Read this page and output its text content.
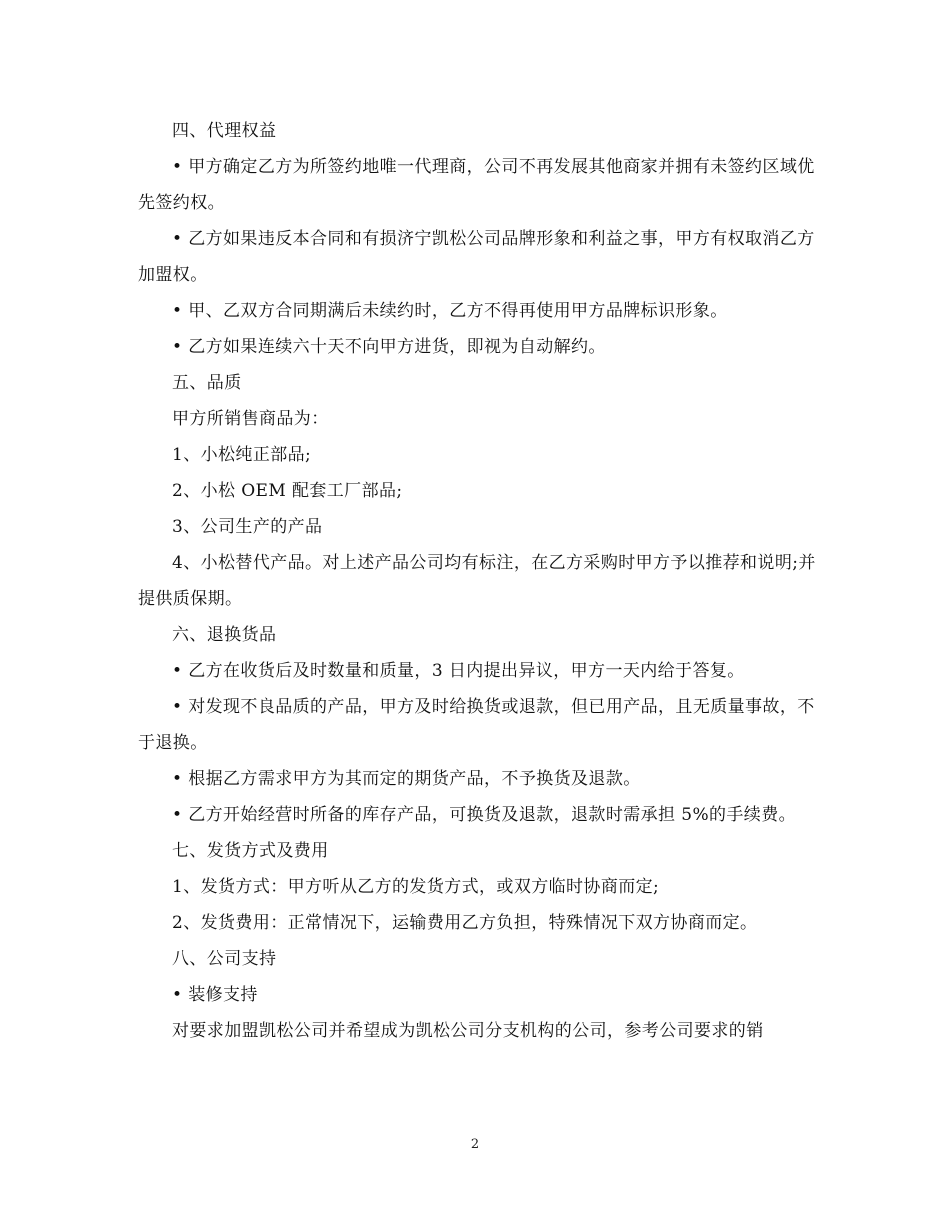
四、代理权益

• 甲方确定乙方为所签约地唯一代理商，公司不再发展其他商家并拥有未签约区域优先签约权。

• 乙方如果违反本合同和有损济宁凯松公司品牌形象和利益之事，甲方有权取消乙方加盟权。

• 甲、乙双方合同期满后未续约时，乙方不得再使用甲方品牌标识形象。

• 乙方如果连续六十天不向甲方进货，即视为自动解约。

五、品质

甲方所销售商品为：

1、小松纯正部品;

2、小松 OEM 配套工厂部品;

3、公司生产的产品

4、小松替代产品。对上述产品公司均有标注，在乙方采购时甲方予以推荐和说明;并提供质保期。

六、退换货品

• 乙方在收货后及时数量和质量，3 日内提出异议，甲方一天内给于答复。

• 对发现不良品质的产品，甲方及时给换货或退款，但已用产品，且无质量事故，不于退换。

• 根据乙方需求甲方为其而定的期货产品，不予换货及退款。

• 乙方开始经营时所备的库存产品，可换货及退款，退款时需承担 5%的手续费。

七、发货方式及费用

1、发货方式：甲方听从乙方的发货方式，或双方临时协商而定;

2、发货费用：正常情况下，运输费用乙方负担，特殊情况下双方协商而定。

八、公司支持

• 装修支持

对要求加盟凯松公司并希望成为凯松公司分支机构的公司，参考公司要求的销

2
